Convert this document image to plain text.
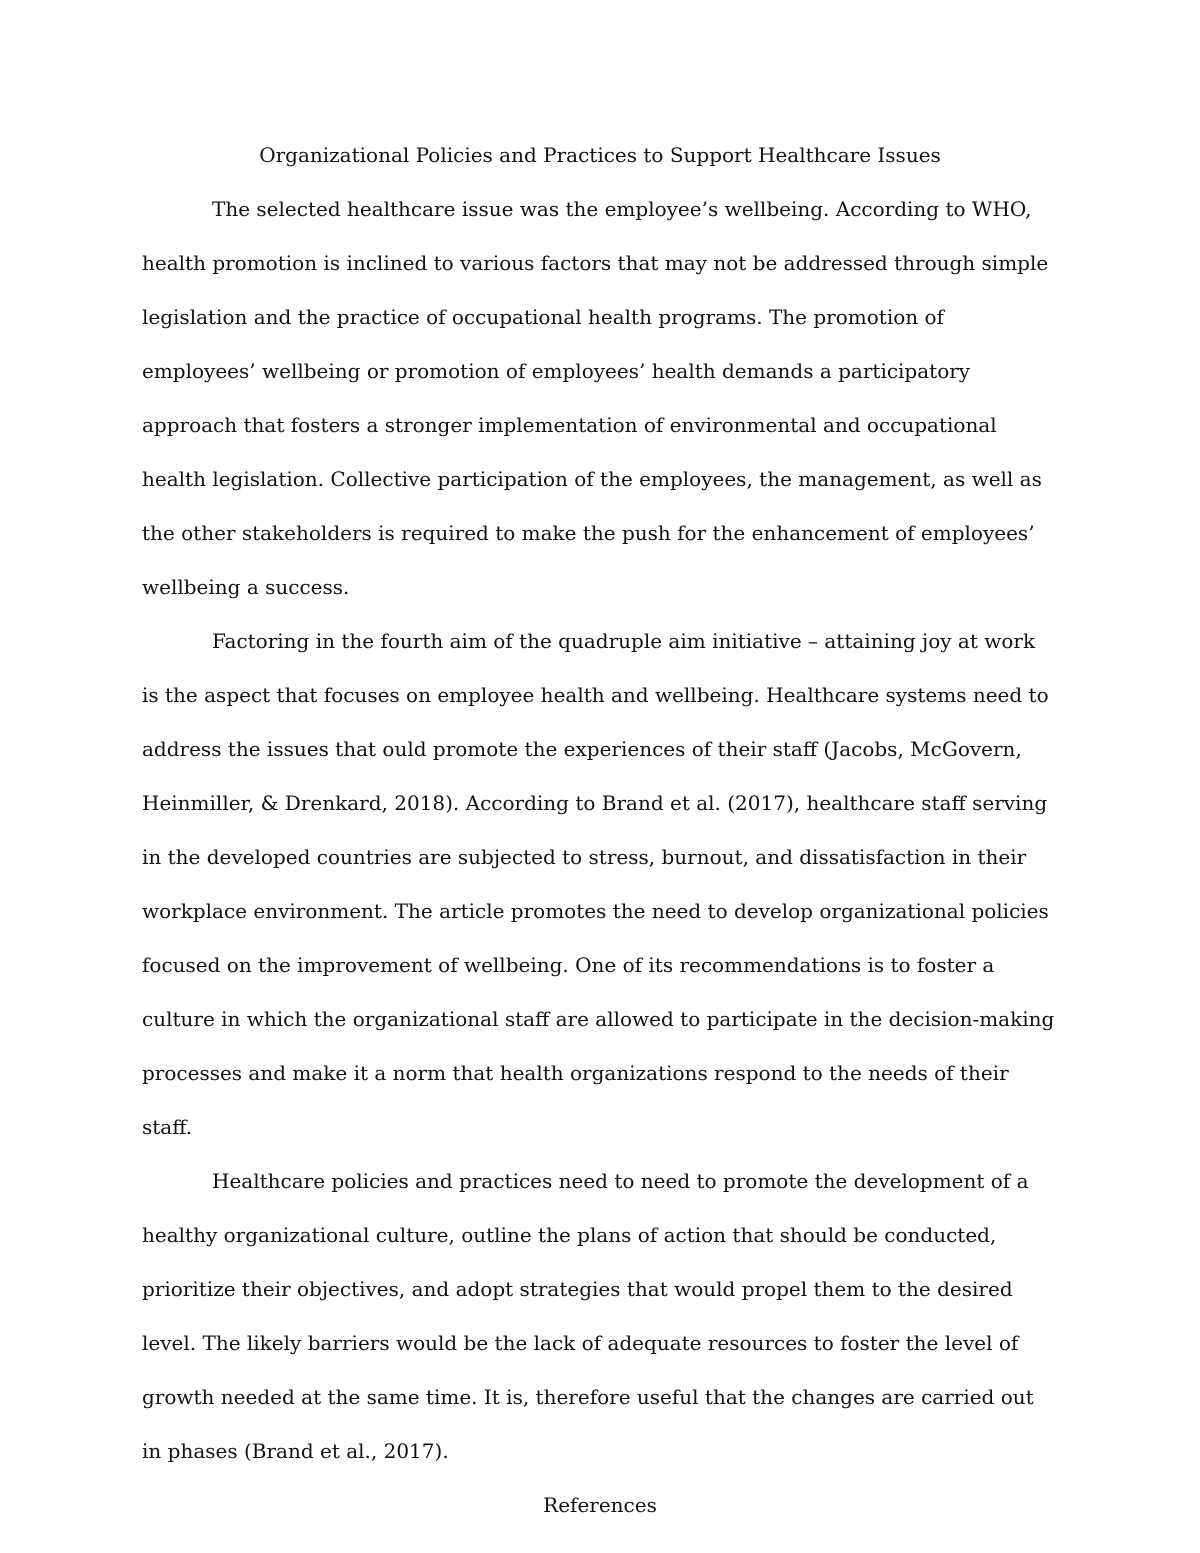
Organizational Policies and Practices to Support Healthcare Issues

The selected healthcare issue was the employee’s wellbeing. According to WHO, health promotion is inclined to various factors that may not be addressed through simple legislation and the practice of occupational health programs. The promotion of employees’ wellbeing or promotion of employees’ health demands a participatory approach that fosters a stronger implementation of environmental and occupational health legislation. Collective participation of the employees, the management, as well as the other stakeholders is required to make the push for the enhancement of employees’ wellbeing a success.

Factoring in the fourth aim of the quadruple aim initiative – attaining joy at work is the aspect that focuses on employee health and wellbeing. Healthcare systems need to address the issues that ould promote the experiences of their staff (Jacobs, McGovern, Heinmiller, & Drenkard, 2018). According to Brand et al. (2017), healthcare staff serving in the developed countries are subjected to stress, burnout, and dissatisfaction in their workplace environment. The article promotes the need to develop organizational policies focused on the improvement of wellbeing. One of its recommendations is to foster a culture in which the organizational staff are allowed to participate in the decision-making processes and make it a norm that health organizations respond to the needs of their staff.

Healthcare policies and practices need to need to promote the development of a healthy organizational culture, outline the plans of action that should be conducted, prioritize their objectives, and adopt strategies that would propel them to the desired level. The likely barriers would be the lack of adequate resources to foster the level of growth needed at the same time. It is, therefore useful that the changes are carried out in phases (Brand et al., 2017).

References
